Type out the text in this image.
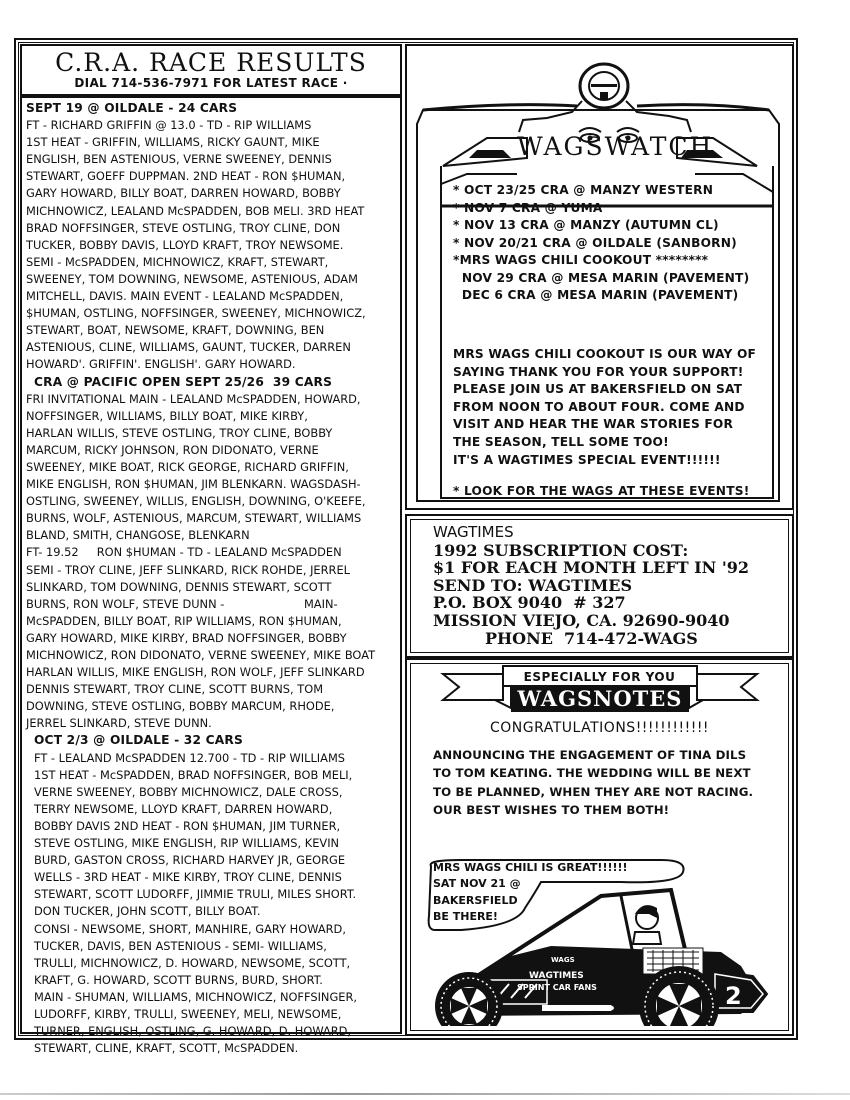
C.R.A. RACE RESULTS
DIAL 714-536-7971 FOR LATEST RACE ·
SEPT 19 @ OILDALE - 24 CARS
FT - RICHARD GRIFFIN @ 13.0 - TD - RIP WILLIAMS
1ST HEAT - GRIFFIN, WILLIAMS, RICKY GAUNT, MIKE
ENGLISH, BEN ASTENIOUS, VERNE SWEENEY, DENNIS
STEWART, GOEFF DUPPMAN. 2ND HEAT - RON $HUMAN,
GARY HOWARD, BILLY BOAT, DARREN HOWARD, BOBBY
MICHNOWICZ, LEALAND McSPADDEN, BOB MELI. 3RD HEAT
BRAD NOFFSINGER, STEVE OSTLING, TROY CLINE, DON
TUCKER, BOBBY DAVIS, LLOYD KRAFT, TROY NEWSOME.
SEMI - McSPADDEN, MICHNOWICZ, KRAFT, STEWART,
SWEENEY, TOM DOWNING, NEWSOME, ASTENIOUS, ADAM
MITCHELL, DAVIS. MAIN EVENT - LEALAND McSPADDEN,
$HUMAN, OSTLING, NOFFSINGER, SWEENEY, MICHNOWICZ,
STEWART, BOAT, NEWSOME, KRAFT, DOWNING, BEN
ASTENIOUS, CLINE, WILLIAMS, GAUNT, TUCKER, DARREN
HOWARD'. GRIFFIN'. ENGLISH'. GARY HOWARD.
CRA @ PACIFIC OPEN SEPT 25/26  39 CARS
FRI INVITATIONAL MAIN - LEALAND McSPADDEN, HOWARD,
NOFFSINGER, WILLIAMS, BILLY BOAT, MIKE KIRBY,
HARLAN WILLIS, STEVE OSTLING, TROY CLINE, BOBBY
MARCUM, RICKY JOHNSON, RON DIDONATO, VERNE
SWEENEY, MIKE BOAT, RICK GEORGE, RICHARD GRIFFIN,
MIKE ENGLISH, RON $HUMAN, JIM BLENKARN. WAGSDASH-
OSTLING, SWEENEY, WILLIS, ENGLISH, DOWNING, O'KEEFE,
BURNS, WOLF, ASTENIOUS, MARCUM, STEWART, WILLIAMS
BLAND, SMITH, CHANGOSE, BLENKARN
FT- 19.52     RON $HUMAN - TD - LEALAND McSPADDEN
SEMI - TROY CLINE, JEFF SLINKARD, RICK ROHDE, JERREL
SLINKARD, TOM DOWNING, DENNIS STEWART, SCOTT
BURNS, RON WOLF, STEVE DUNN -                      MAIN-
McSPADDEN, BILLY BOAT, RIP WILLIAMS, RON $HUMAN,
GARY HOWARD, MIKE KIRBY, BRAD NOFFSINGER, BOBBY
MICHNOWICZ, RON DIDONATO, VERNE SWEENEY, MIKE BOAT
HARLAN WILLIS, MIKE ENGLISH, RON WOLF, JEFF SLINKARD
DENNIS STEWART, TROY CLINE, SCOTT BURNS, TOM
DOWNING, STEVE OSTLING, BOBBY MARCUM, RHODE,
JERREL SLINKARD, STEVE DUNN.
OCT 2/3 @ OILDALE - 32 CARS
FT - LEALAND McSPADDEN 12.700 - TD - RIP WILLIAMS
1ST HEAT - McSPADDEN, BRAD NOFFSINGER, BOB MELI,
VERNE SWEENEY, BOBBY MICHNOWICZ, DALE CROSS,
TERRY NEWSOME, LLOYD KRAFT, DARREN HOWARD,
BOBBY DAVIS 2ND HEAT - RON $HUMAN, JIM TURNER,
STEVE OSTLING, MIKE ENGLISH, RIP WILLIAMS, KEVIN
BURD, GASTON CROSS, RICHARD HARVEY JR, GEORGE
WELLS - 3RD HEAT - MIKE KIRBY, TROY CLINE, DENNIS
STEWART, SCOTT LUDORFF, JIMMIE TRULI, MILES SHORT.
DON TUCKER, JOHN SCOTT, BILLY BOAT.
CONSI - NEWSOME, SHORT, MANHIRE, GARY HOWARD,
TUCKER, DAVIS, BEN ASTENIOUS - SEMI- WILLIAMS,
TRULLI, MICHNOWICZ, D. HOWARD, NEWSOME, SCOTT,
KRAFT, G. HOWARD, SCOTT BURNS, BURD, SHORT.
MAIN - SHUMAN, WILLIAMS, MICHNOWICZ, NOFFSINGER,
LUDORFF, KIRBY, TRULLI, SWEENEY, MELI, NEWSOME,
TURNER, ENGLISH, OSTLING, G. HOWARD, D. HOWARD,
STEWART, CLINE, KRAFT, SCOTT, McSPADDEN.
WAGSWATCH
* OCT 23/25 CRA @ MANZY WESTERN
* NOV 7 CRA @ YUMA
* NOV 13 CRA @ MANZY (AUTUMN CL)
* NOV 20/21 CRA @ OILDALE (SANBORN)
*MRS WAGS CHILI COOKOUT ********
NOV 29 CRA @ MESA MARIN (PAVEMENT)
DEC 6 CRA @ MESA MARIN (PAVEMENT)
MRS WAGS CHILI COOKOUT IS OUR WAY OF
SAYING THANK YOU FOR YOUR SUPPORT!
PLEASE JOIN US AT BAKERSFIELD ON SAT
FROM NOON TO ABOUT FOUR. COME AND
VISIT AND HEAR THE WAR STORIES FOR
THE SEASON, TELL SOME TOO!
IT'S A WAGTIMES SPECIAL EVENT!!!!!!
* LOOK FOR THE WAGS AT THESE EVENTS!
WAGTIMES
1992 SUBSCRIPTION COST:
$1 FOR EACH MONTH LEFT IN '92
SEND TO: WAGTIMES
P.O. BOX 9040  # 327
MISSION VIEJO, CA. 92690-9040
PHONE  714-472-WAGS
ESPECIALLY FOR YOU
WAGSNOTES
CONGRATULATIONS!!!!!!!!!!!!
ANNOUNCING THE ENGAGEMENT OF TINA DILS
TO TOM KEATING. THE WEDDING WILL BE NEXT
TO BE PLANNED, WHEN THEY ARE NOT RACING.
OUR BEST WISHES TO THEM BOTH!
WAGS
WAGTIMES
SPRINT CAR FANS	2
MRS WAGS CHILI IS GREAT!!!!!!
SAT NOV 21 @
BAKERSFIELD
BE THERE!
